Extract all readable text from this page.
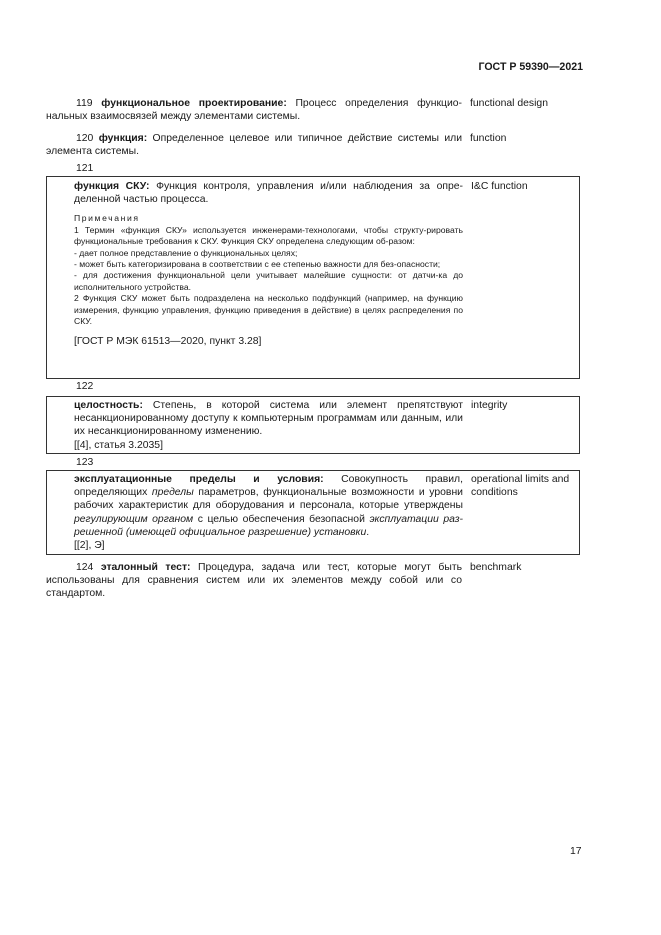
ГОСТ Р 59390—2021
119 функциональное проектирование: Процесс определения функцио-нальных взаимосвязей между элементами системы.
functional design
120 функция: Определенное целевое или типичное действие системы или элемента системы.
function
121
функция СКУ: Функция контроля, управления и/или наблюдения за опре-деленной частью процесса.
Примечания
1 Термин «функция СКУ» используется инженерами-технологами, чтобы структу-рировать функциональные требования к СКУ. Функция СКУ определена следующим об-разом:
- дает полное представление о функциональных целях;
- может быть категоризирована в соответствии с ее степенью важности для без-опасности;
- для достижения функциональной цели учитывает малейшие сущности: от датчи-ка до исполнительного устройства.
2 Функция СКУ может быть подразделена на несколько подфункций (например, на функцию измерения, функцию управления, функцию приведения в действие) в целях распределения по СКУ.
[ГОСТ Р МЭК 61513—2020, пункт 3.28]
I&C function
122
целостность: Степень, в которой система или элемент препятствуют несанкционированному доступу к компьютерным программам или данным, или их несанкционированному изменению.
[[4], статья 3.2035]
integrity
123
эксплуатационные пределы и условия: Совокупность правил, определяющих пределы параметров, функциональные возможности и уровни рабочих характеристик для оборудования и персонала, которые утверждены регулирующим органом с целью обеспечения безопасной эксплуатации раз-решенной (имеющей официальное разрешение) установки.
[[2], Э]
operational limits and conditions
124 эталонный тест: Процедура, задача или тест, которые могут быть использованы для сравнения систем или их элементов между собой или со стандартом.
benchmark
17
